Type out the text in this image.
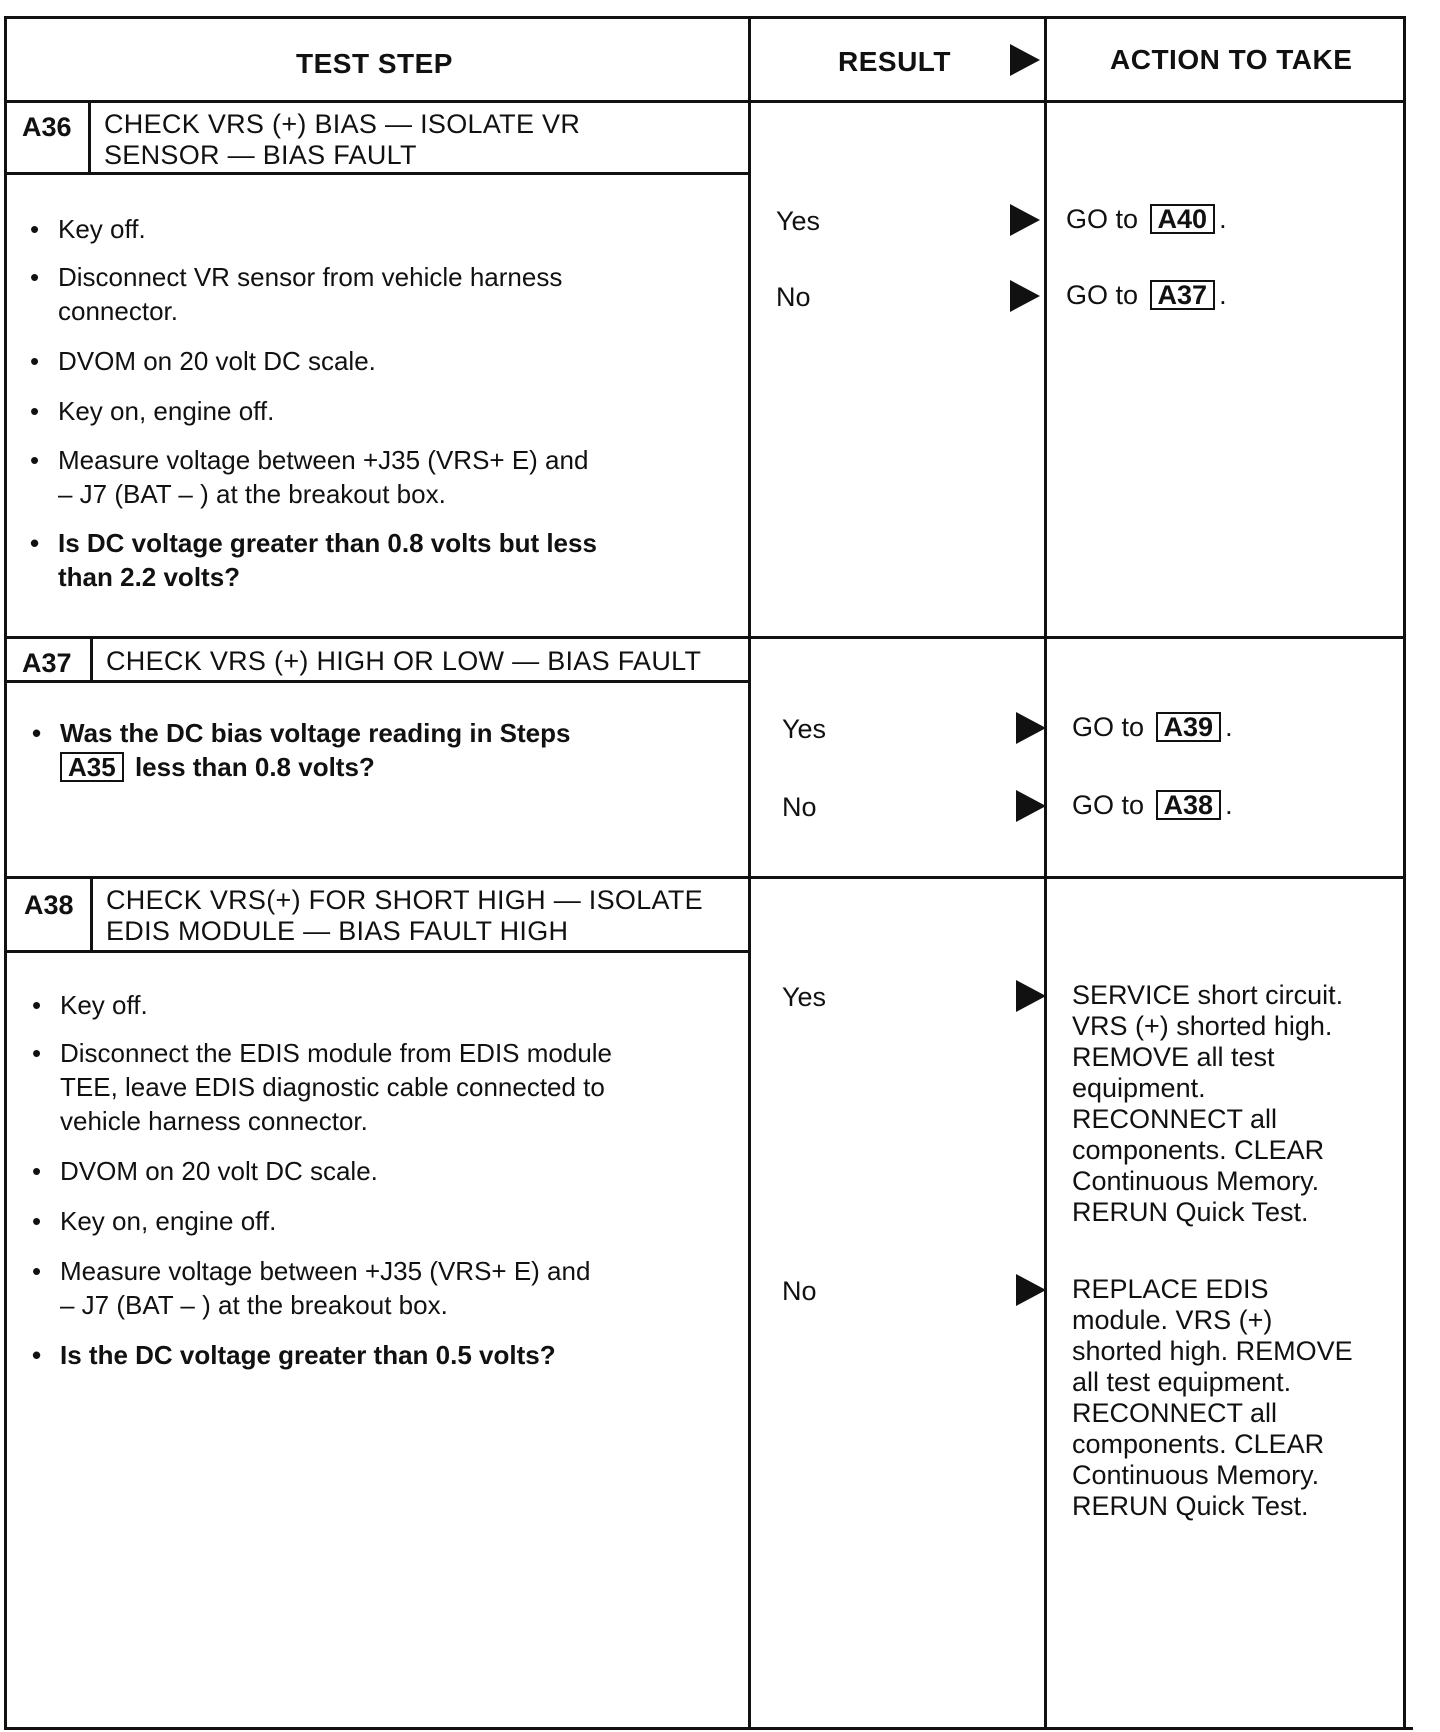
TEST STEP	RESULT	ACTION TO TAKE
A36 CHECK VRS (+) BIAS — ISOLATE VR
SENSOR — BIAS FAULT
• Key off.
• Disconnect VR sensor from vehicle harness
connector.
• DVOM on 20 volt DC scale.
• Key on, engine off.
• Measure voltage between +J35 (VRS+ E) and
– J7 (BAT – ) at the breakout box.
• Is DC voltage greater than 0.8 volts but less
than 2.2 volts?
Yes	GO to A40 .
No	GO to A37 .
A37 CHECK VRS (+) HIGH OR LOW — BIAS FAULT
• Was the DC bias voltage reading in Steps
A35 less than 0.8 volts?
Yes	GO to A39 .
No	GO to A38 .
A38 CHECK VRS(+) FOR SHORT HIGH — ISOLATE
EDIS MODULE — BIAS FAULT HIGH
• Key off.
• Disconnect the EDIS module from EDIS module
TEE, leave EDIS diagnostic cable connected to
vehicle harness connector.
• DVOM on 20 volt DC scale.
• Key on, engine off.
• Measure voltage between +J35 (VRS+ E) and
– J7 (BAT – ) at the breakout box.
• Is the DC voltage greater than 0.5 volts?
Yes	SERVICE short circuit.
VRS (+) shorted high.
REMOVE all test
equipment.
RECONNECT all
components. CLEAR
Continuous Memory.
RERUN Quick Test.
No	REPLACE EDIS
module. VRS (+)
shorted high. REMOVE
all test equipment.
RECONNECT all
components. CLEAR
Continuous Memory.
RERUN Quick Test.
